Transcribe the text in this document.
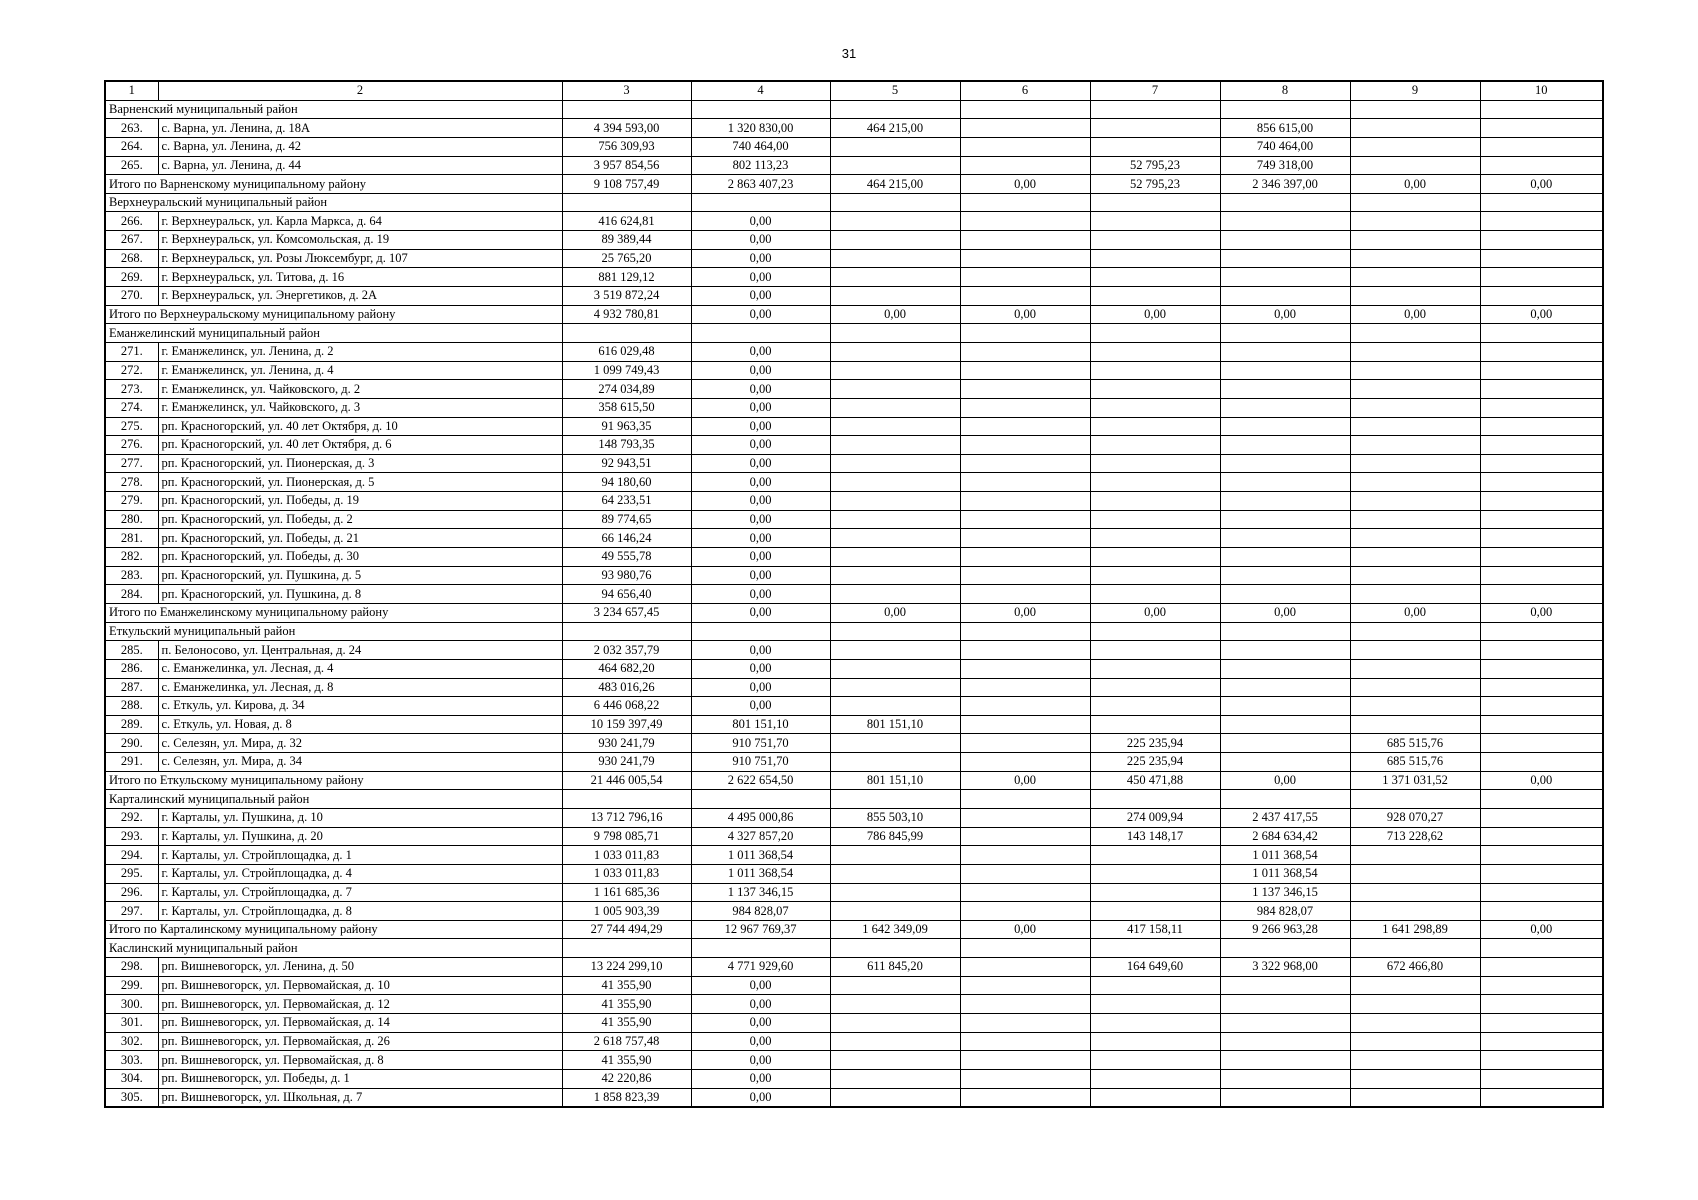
31
1	2	3	4	5	6	7	8	9	10
Варненский муниципальный район									
263.	с. Варна, ул. Ленина, д. 18А	4 394 593,00	1 320 830,00	464 215,00			856 615,00		
264.	с. Варна, ул. Ленина, д. 42	756 309,93	740 464,00				740 464,00		
265.	с. Варна, ул. Ленина, д. 44	3 957 854,56	802 113,23			52 795,23	749 318,00		
Итого по Варненскому муниципальному району		9 108 757,49	2 863 407,23	464 215,00	0,00	52 795,23	2 346 397,00	0,00	0,00
Верхнеуральский муниципальный район									
266.	г. Верхнеуральск, ул. Карла Маркса, д. 64	416 624,81	0,00						
267.	г. Верхнеуральск, ул. Комсомольская, д. 19	89 389,44	0,00						
268.	г. Верхнеуральск, ул. Розы Люксембург, д. 107	25 765,20	0,00						
269.	г. Верхнеуральск, ул. Титова, д. 16	881 129,12	0,00						
270.	г. Верхнеуральск, ул. Энергетиков, д. 2А	3 519 872,24	0,00						
Итого по Верхнеуральскому муниципальному району		4 932 780,81	0,00	0,00	0,00	0,00	0,00	0,00	0,00
Еманжелинский муниципальный район									
271.	г. Еманжелинск, ул. Ленина, д. 2	616 029,48	0,00						
272.	г. Еманжелинск, ул. Ленина, д. 4	1 099 749,43	0,00						
273.	г. Еманжелинск, ул. Чайковского, д. 2	274 034,89	0,00						
274.	г. Еманжелинск, ул. Чайковского, д. 3	358 615,50	0,00						
275.	рп. Красногорский, ул. 40 лет Октября, д. 10	91 963,35	0,00						
276.	рп. Красногорский, ул. 40 лет Октября, д. 6	148 793,35	0,00						
277.	рп. Красногорский, ул. Пионерская, д. 3	92 943,51	0,00						
278.	рп. Красногорский, ул. Пионерская, д. 5	94 180,60	0,00						
279.	рп. Красногорский, ул. Победы, д. 19	64 233,51	0,00						
280.	рп. Красногорский, ул. Победы, д. 2	89 774,65	0,00						
281.	рп. Красногорский, ул. Победы, д. 21	66 146,24	0,00						
282.	рп. Красногорский, ул. Победы, д. 30	49 555,78	0,00						
283.	рп. Красногорский, ул. Пушкина, д. 5	93 980,76	0,00						
284.	рп. Красногорский, ул. Пушкина, д. 8	94 656,40	0,00						
Итого по Еманжелинскому муниципальному району		3 234 657,45	0,00	0,00	0,00	0,00	0,00	0,00	0,00
Еткульский муниципальный район									
285.	п. Белоносово, ул. Центральная, д. 24	2 032 357,79	0,00						
286.	с. Еманжелинка, ул. Лесная, д. 4	464 682,20	0,00						
287.	с. Еманжелинка, ул. Лесная, д. 8	483 016,26	0,00						
288.	с. Еткуль, ул. Кирова, д. 34	6 446 068,22	0,00						
289.	с. Еткуль, ул. Новая, д. 8	10 159 397,49	801 151,10	801 151,10					
290.	с. Селезян, ул. Мира, д. 32	930 241,79	910 751,70			225 235,94		685 515,76	
291.	с. Селезян, ул. Мира, д. 34	930 241,79	910 751,70			225 235,94		685 515,76	
Итого по Еткульскому муниципальному району		21 446 005,54	2 622 654,50	801 151,10	0,00	450 471,88	0,00	1 371 031,52	0,00
Карталинский муниципальный район									
292.	г. Карталы, ул. Пушкина, д. 10	13 712 796,16	4 495 000,86	855 503,10		274 009,94	2 437 417,55	928 070,27	
293.	г. Карталы, ул. Пушкина, д. 20	9 798 085,71	4 327 857,20	786 845,99		143 148,17	2 684 634,42	713 228,62	
294.	г. Карталы, ул. Стройплощадка, д. 1	1 033 011,83	1 011 368,54				1 011 368,54		
295.	г. Карталы, ул. Стройплощадка, д. 4	1 033 011,83	1 011 368,54				1 011 368,54		
296.	г. Карталы, ул. Стройплощадка, д. 7	1 161 685,36	1 137 346,15				1 137 346,15		
297.	г. Карталы, ул. Стройплощадка, д. 8	1 005 903,39	984 828,07				984 828,07		
Итого по Карталинскому муниципальному району		27 744 494,29	12 967 769,37	1 642 349,09	0,00	417 158,11	9 266 963,28	1 641 298,89	0,00
Каслинский муниципальный район									
298.	рп. Вишневогорск, ул. Ленина, д. 50	13 224 299,10	4 771 929,60	611 845,20		164 649,60	3 322 968,00	672 466,80	
299.	рп. Вишневогорск, ул. Первомайская, д. 10	41 355,90	0,00						
300.	рп. Вишневогорск, ул. Первомайская, д. 12	41 355,90	0,00						
301.	рп. Вишневогорск, ул. Первомайская, д. 14	41 355,90	0,00						
302.	рп. Вишневогорск, ул. Первомайская, д. 26	2 618 757,48	0,00						
303.	рп. Вишневогорск, ул. Первомайская, д. 8	41 355,90	0,00						
304.	рп. Вишневогорск, ул. Победы, д. 1	42 220,86	0,00						
305.	рп. Вишневогорск, ул. Школьная, д. 7	1 858 823,39	0,00						
